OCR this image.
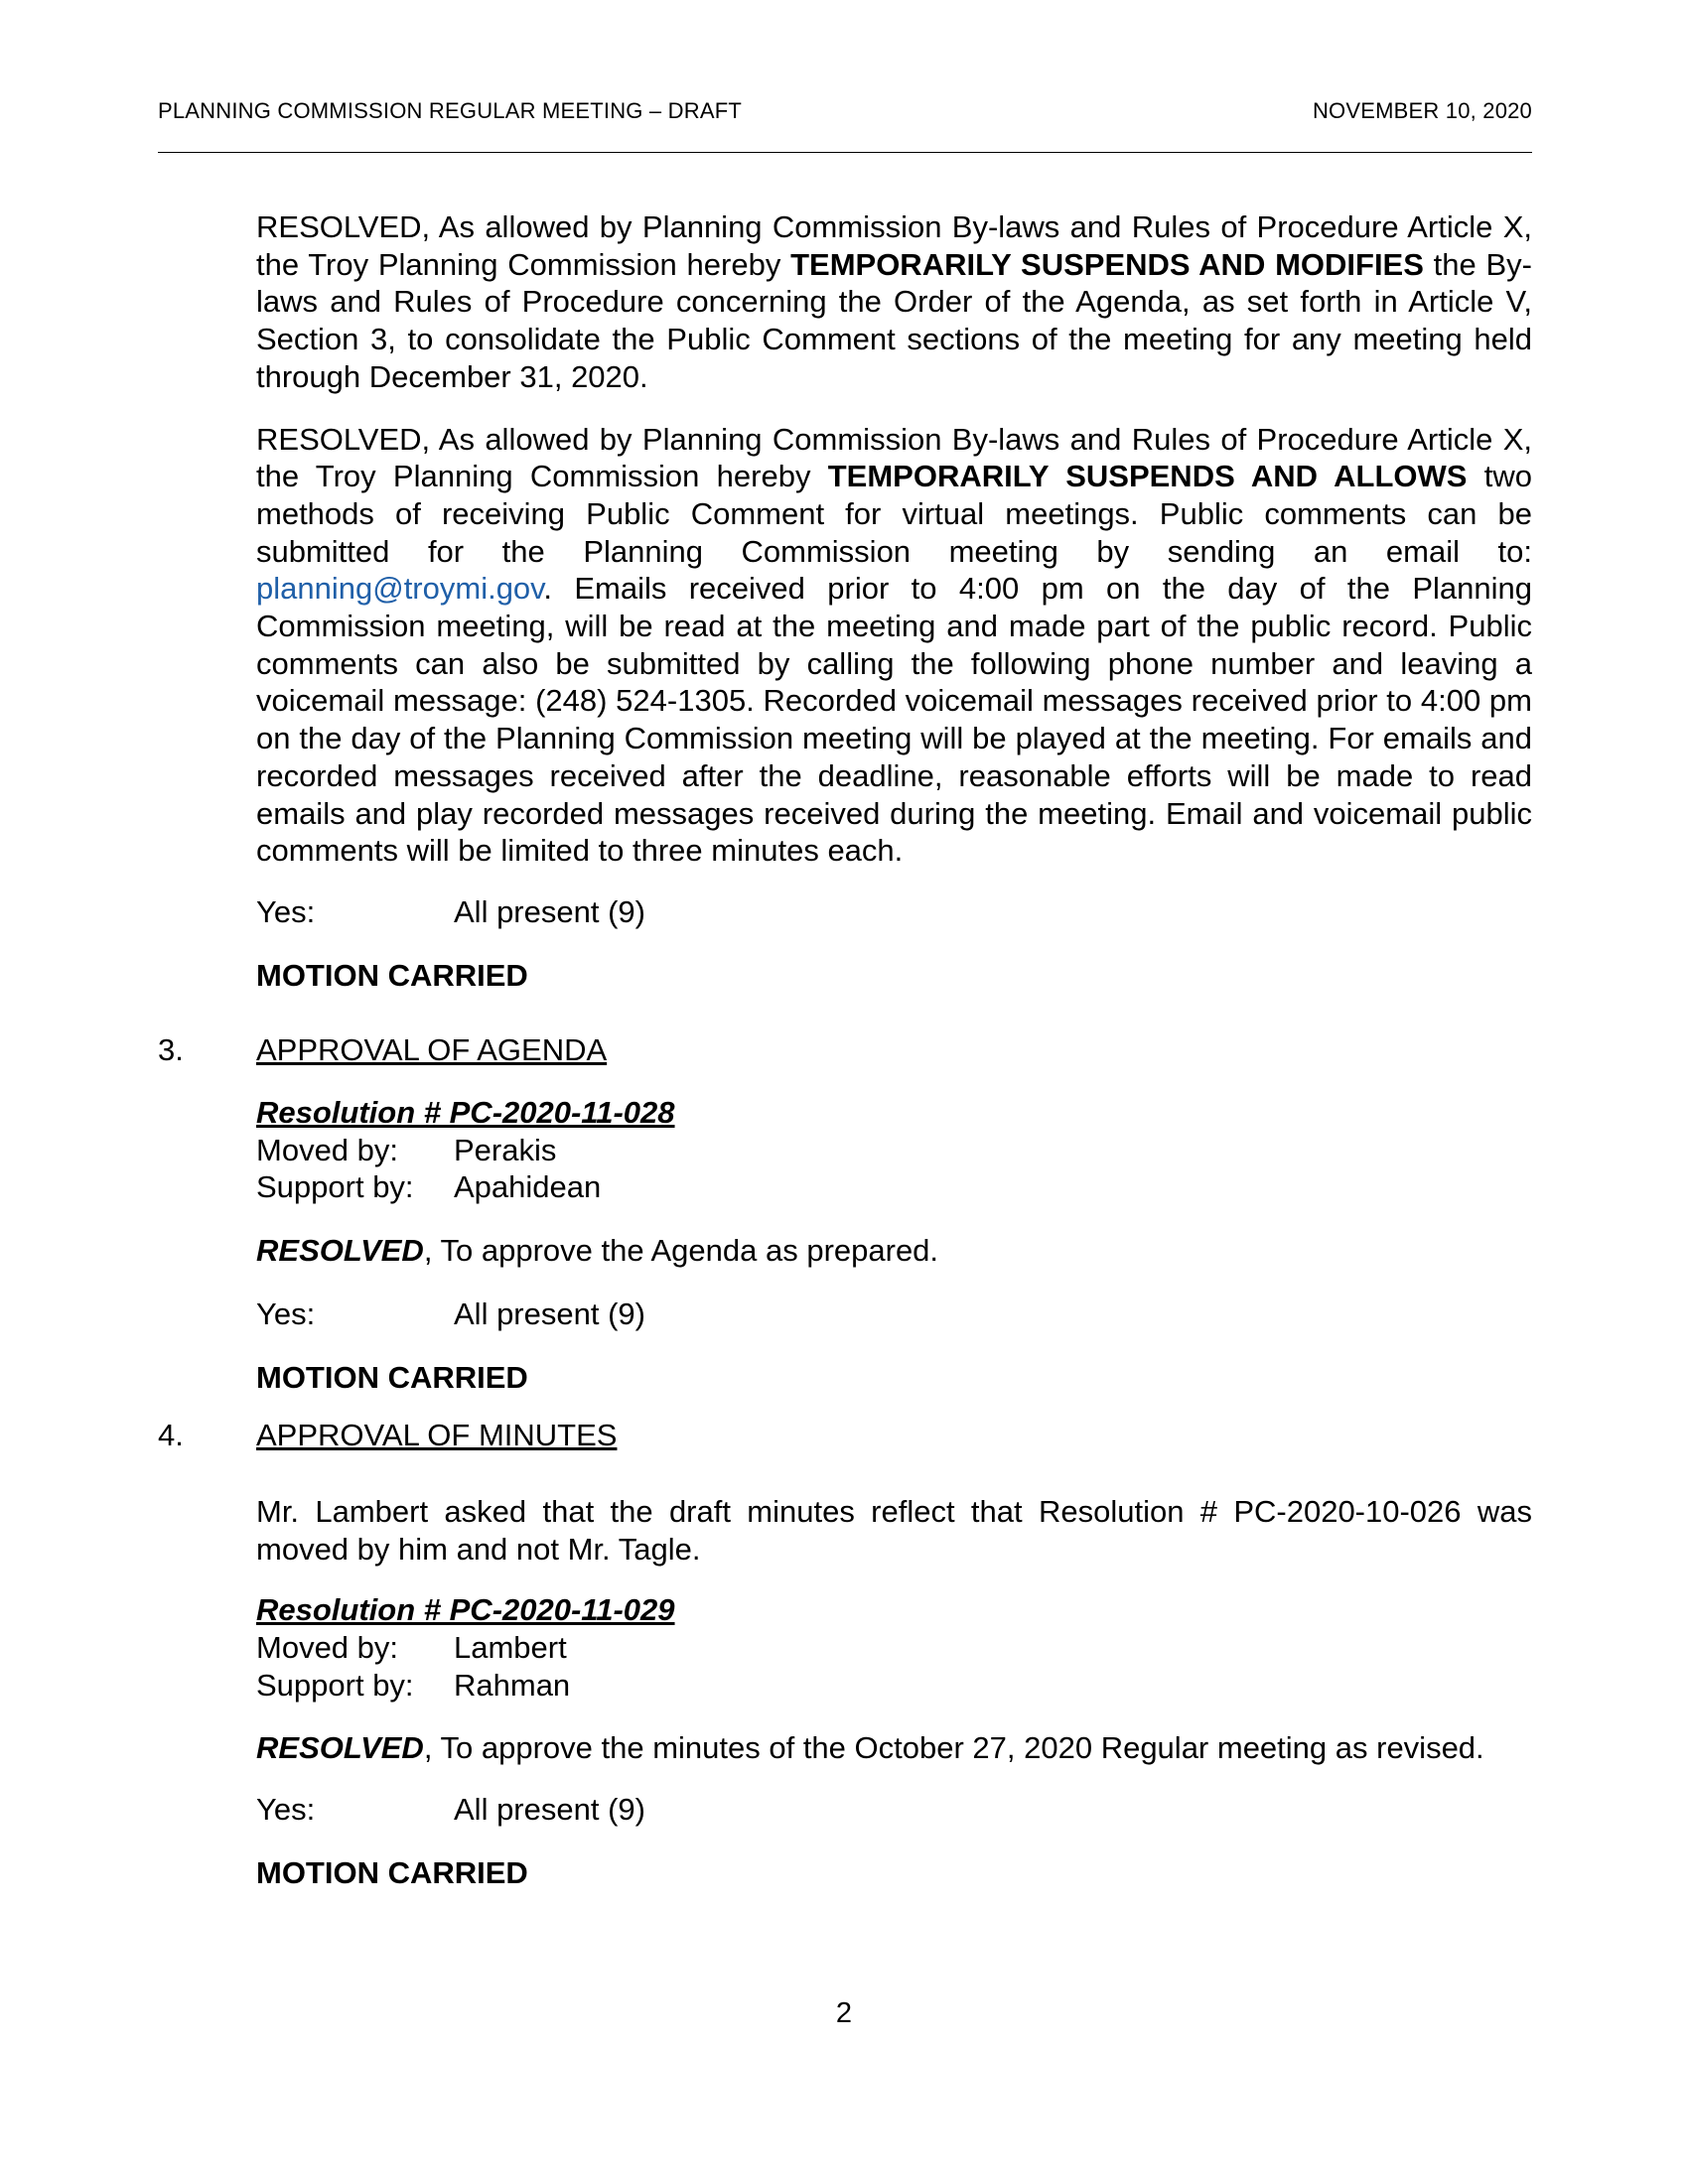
PLANNING COMMISSION REGULAR MEETING – DRAFT	NOVEMBER 10, 2020

RESOLVED, As allowed by Planning Commission By-laws and Rules of Procedure Article X, the Troy Planning Commission hereby TEMPORARILY SUSPENDS AND MODIFIES the By-laws and Rules of Procedure concerning the Order of the Agenda, as set forth in Article V, Section 3, to consolidate the Public Comment sections of the meeting for any meeting held through December 31, 2020.

RESOLVED, As allowed by Planning Commission By-laws and Rules of Procedure Article X, the Troy Planning Commission hereby TEMPORARILY SUSPENDS AND ALLOWS two methods of receiving Public Comment for virtual meetings. Public comments can be submitted for the Planning Commission meeting by sending an email to: planning@troymi.gov. Emails received prior to 4:00 pm on the day of the Planning Commission meeting, will be read at the meeting and made part of the public record. Public comments can also be submitted by calling the following phone number and leaving a voicemail message: (248) 524-1305. Recorded voicemail messages received prior to 4:00 pm on the day of the Planning Commission meeting will be played at the meeting. For emails and recorded messages received after the deadline, reasonable efforts will be made to read emails and play recorded messages received during the meeting. Email and voicemail public comments will be limited to three minutes each.

Yes:	All present (9)

MOTION CARRIED

3. APPROVAL OF AGENDA

Resolution # PC-2020-11-028

Moved by:	Perakis
Support by:	Apahidean

RESOLVED, To approve the Agenda as prepared.

Yes:	All present (9)

MOTION CARRIED

4. APPROVAL OF MINUTES

Mr. Lambert asked that the draft minutes reflect that Resolution # PC-2020-10-026 was moved by him and not Mr. Tagle.

Resolution # PC-2020-11-029

Moved by:	Lambert
Support by:	Rahman

RESOLVED, To approve the minutes of the October 27, 2020 Regular meeting as revised.

Yes:	All present (9)

MOTION CARRIED

2
